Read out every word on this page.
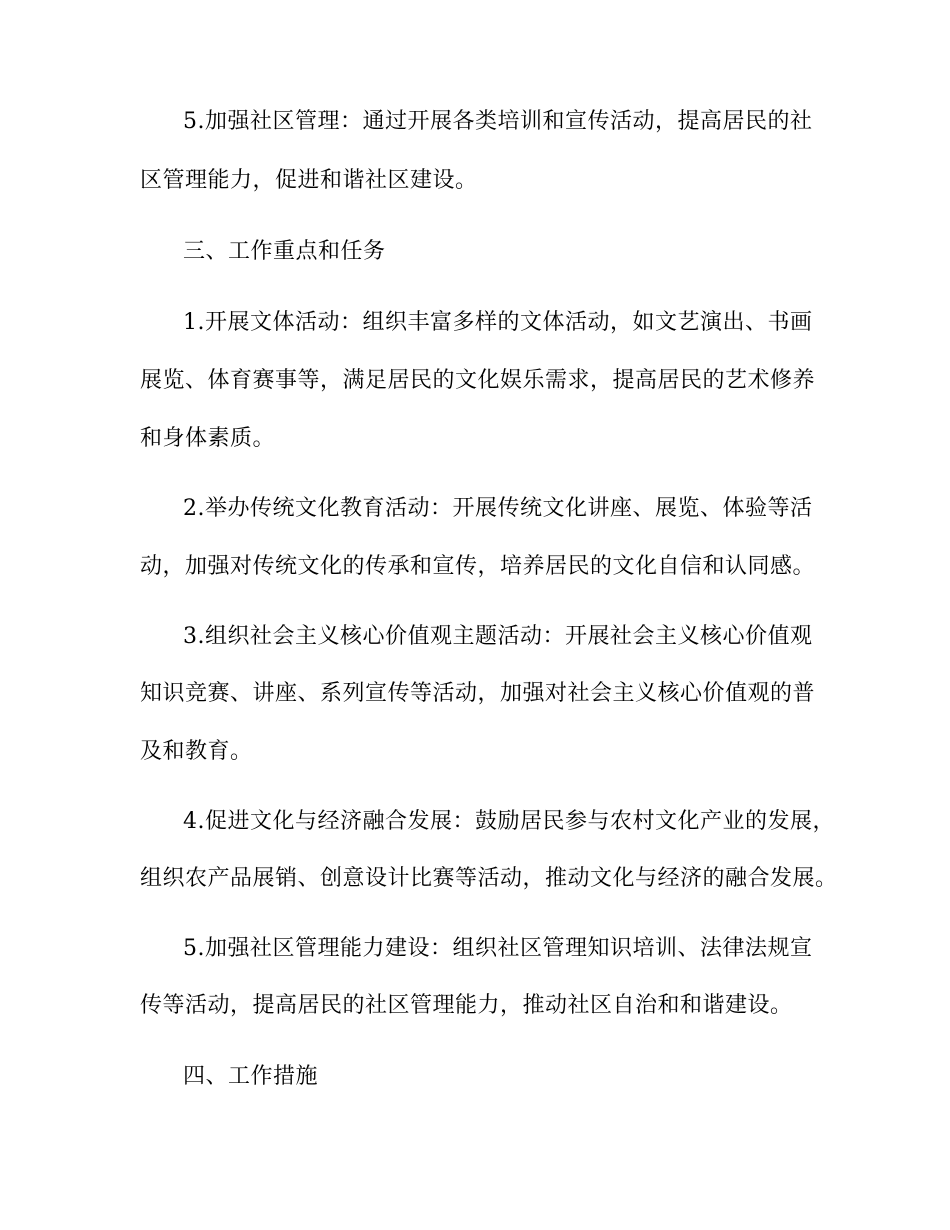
5.加强社区管理：通过开展各类培训和宣传活动，提高居民的社
区管理能力，促进和谐社区建设。
三、工作重点和任务
1.开展文体活动：组织丰富多样的文体活动，如文艺演出、书画
展览、体育赛事等，满足居民的文化娱乐需求，提高居民的艺术修养
和身体素质。
2.举办传统文化教育活动：开展传统文化讲座、展览、体验等活
动，加强对传统文化的传承和宣传，培养居民的文化自信和认同感。
3.组织社会主义核心价值观主题活动：开展社会主义核心价值观
知识竞赛、讲座、系列宣传等活动，加强对社会主义核心价值观的普
及和教育。
4.促进文化与经济融合发展：鼓励居民参与农村文化产业的发展，
组织农产品展销、创意设计比赛等活动，推动文化与经济的融合发展。
5.加强社区管理能力建设：组织社区管理知识培训、法律法规宣
传等活动，提高居民的社区管理能力，推动社区自治和和谐建设。
四、工作措施
